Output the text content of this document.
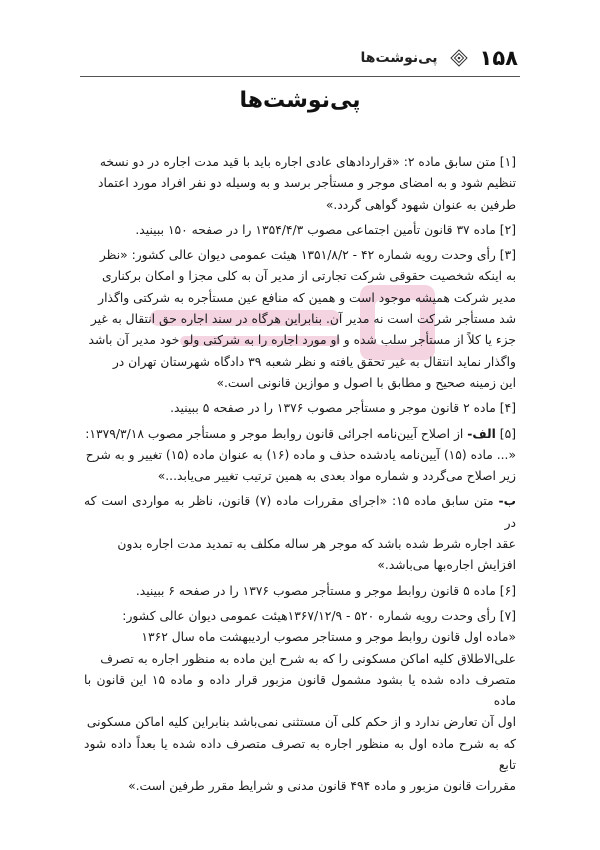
۱۵۸
پی‌نوشت‌ها
پی‌نوشت‌ها

[۱] متن سابق ماده ۲: «قراردادهای عادی اجاره باید با قید مدت اجاره در دو نسخه
تنظیم شود و به امضای موجر و مستأجر برسد و به وسیله دو نفر افراد مورد اعتماد
طرفین به عنوان شهود گواهی گردد.»

[۲] ماده ۳۷ قانون تأمین اجتماعی مصوب ۱۳۵۴/۴/۳ را در صفحه ۱۵۰ ببینید.

[۳] رأی وحدت رویه شماره ۴۲ - ۱۳۵۱/۸/۲ هیئت عمومی دیوان عالی کشور: «نظر
به اینکه شخصیت حقوقی شرکت تجارتی از مدیر آن به کلی مجزا و امکان برکناری
مدیر شرکت همیشه موجود است و همین که منافع عین مستأجره به شرکتی واگذار
شد مستأجر شرکت است نه مدیر آن. بنابراین هرگاه در سند اجاره حق انتقال به غیر
جزء یا کلاً از مستأجر سلب شده و او مورد اجاره را به شرکتی ولو خود مدیر آن باشد
واگذار نماید انتقال به غیر تحقق یافته و نظر شعبه ۳۹ دادگاه شهرستان تهران در
این زمینه صحیح و مطابق با اصول و موازین قانونی است.»

[۴] ماده ۲ قانون موجر و مستأجر مصوب ۱۳۷۶ را در صفحه ۵ ببینید.

[۵] الف- از اصلاح آیین‌نامه اجرائی قانون روابط موجر و مستأجر مصوب ۱۳۷۹/۳/۱۸:
«... ماده (۱۵) آیین‌نامه یادشده حذف و ماده (۱۶) به عنوان ماده (۱۵) تغییر و به شرح
زیر اصلاح می‌گردد و شماره مواد بعدی به همین ترتیب تغییر می‌یابد...»

ب- متن سابق ماده ۱۵: «اجرای مقررات ماده (۷) قانون، ناظر به مواردی است که در
عقد اجاره شرط شده باشد که موجر هر ساله مکلف به تمدید مدت اجاره بدون
افزایش اجاره‌بها می‌باشد.»

[۶] ماده ۵ قانون روابط موجر و مستأجر مصوب ۱۳۷۶ را در صفحه ۶ ببینید.

[۷] رأی وحدت رویه شماره ۵۲۰ - ۱۳۶۷/۱۲/۹هیئت عمومی دیوان عالی کشور:
«ماده اول قانون روابط موجر و مستاجر مصوب اردیبهشت ماه سال ۱۳۶۲
علی‌الاطلاق کلیه اماکن مسکونی را که به شرح این ماده به منظور اجاره به تصرف
متصرف داده شده یا بشود مشمول قانون مزبور قرار داده و ماده ۱۵ این قانون با ماده
اول آن تعارض ندارد و از حکم کلی آن مستثنی نمی‌باشد بنابراین کلیه اماکن مسکونی
که به شرح ماده اول به منظور اجاره به تصرف متصرف داده شده یا بعداً داده شود تابع
مقررات قانون مزبور و ماده ۴۹۴ قانون مدنی و شرایط مقرر طرفین است.»
